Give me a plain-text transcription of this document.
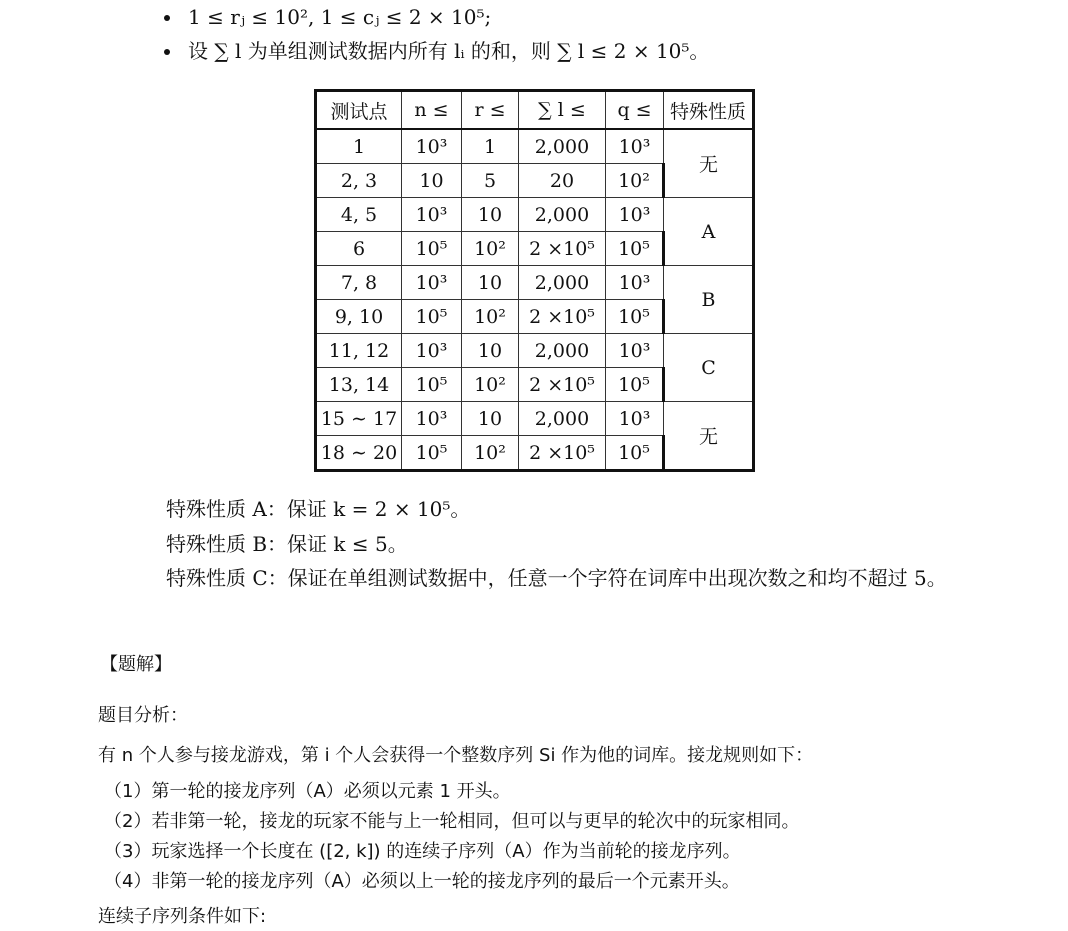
1 ≤ rⱼ ≤ 10², 1 ≤ cⱼ ≤ 2 × 10⁵;
设 ∑ l 为单组测试数据内所有 lᵢ 的和，则 ∑ l ≤ 2 × 10⁵。
测试点	n ≤	r ≤	∑ l ≤	q ≤	特殊性质
1	10³	1	2,000	10³	无
2, 3	10	5	20	10²	
4, 5	10³	10	2,000	10³	A
6	10⁵	10²	2 ×10⁵	10⁵	
7, 8	10³	10	2,000	10³	B
9, 10	10⁵	10²	2 ×10⁵	10⁵	
11, 12	10³	10	2,000	10³	C
13, 14	10⁵	10²	2 ×10⁵	10⁵	
15 ∼ 17	10³	10	2,000	10³	无
18 ∼ 20	10⁵	10²	2 ×10⁵	10⁵	
特殊性质 A：保证 k = 2 × 10⁵。
特殊性质 B：保证 k ≤ 5。
特殊性质 C：保证在单组测试数据中，任意一个字符在词库中出现次数之和均不超过 5。
【题解】
题目分析：
有 n 个人参与接龙游戏，第 i 个人会获得一个整数序列 Si 作为他的词库。接龙规则如下：
（1）第一轮的接龙序列（A）必须以元素 1 开头。
（2）若非第一轮，接龙的玩家不能与上一轮相同，但可以与更早的轮次中的玩家相同。
（3）玩家选择一个长度在 ([2, k]) 的连续子序列（A）作为当前轮的接龙序列。
（4）非第一轮的接龙序列（A）必须以上一轮的接龙序列的最后一个元素开头。
连续子序列条件如下:
